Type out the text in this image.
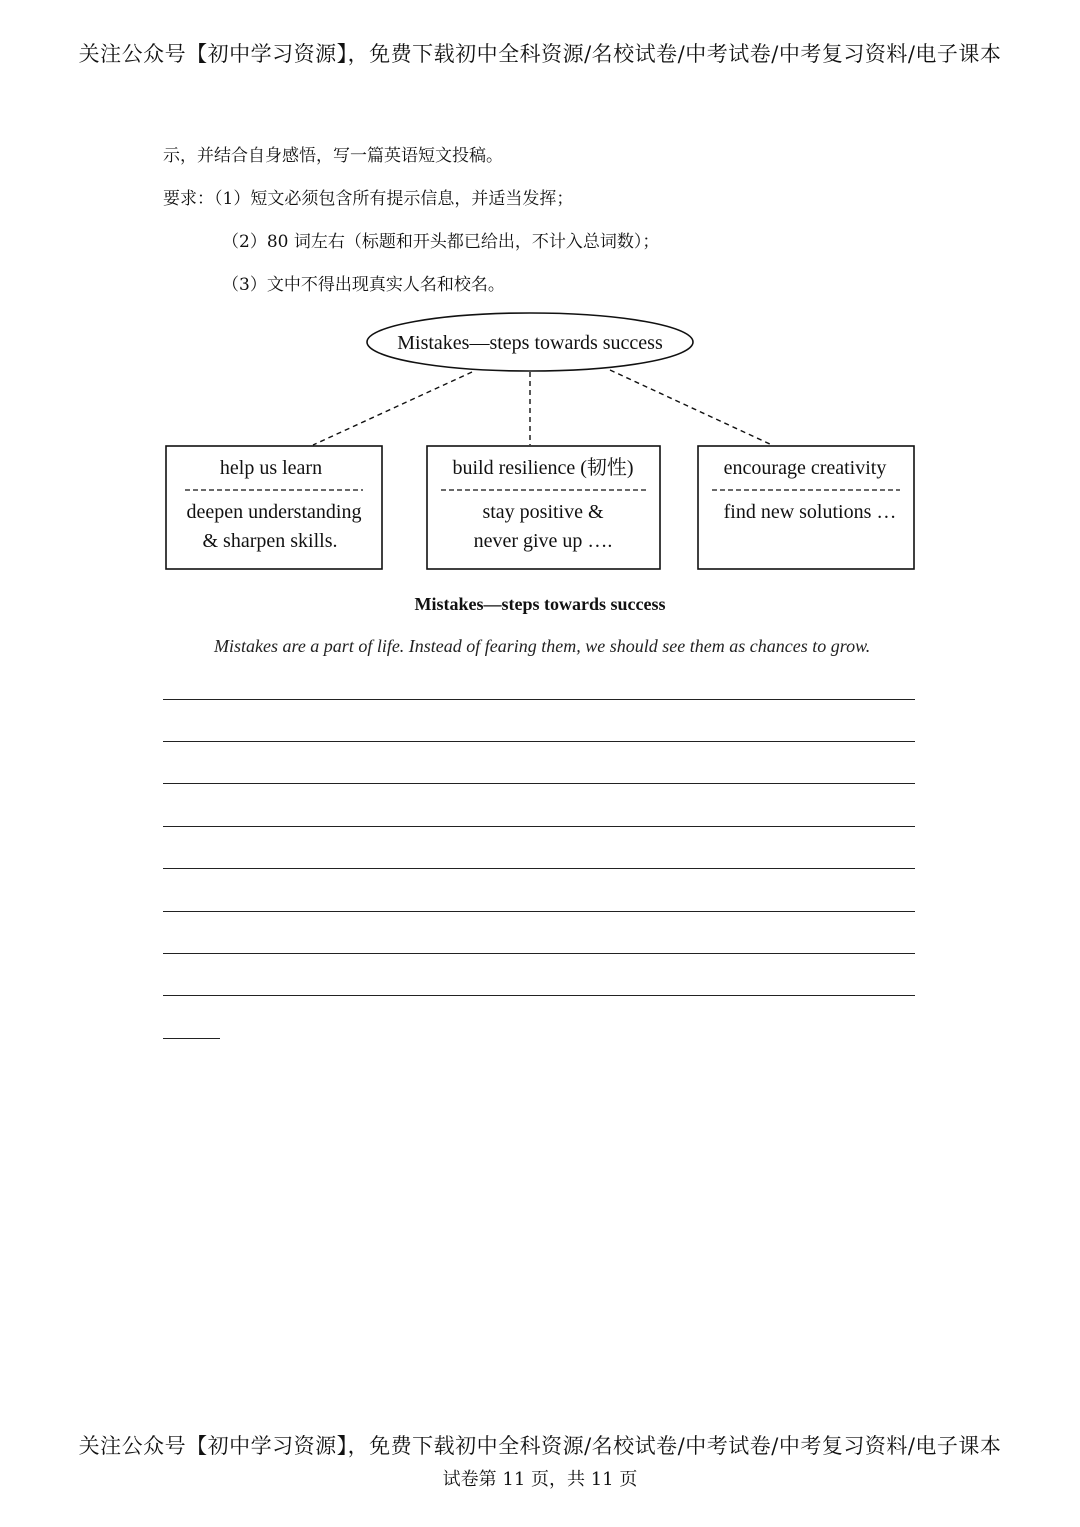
关注公众号【初中学习资源】，免费下载初中全科资源/名校试卷/中考试卷/中考复习资料/电子课本
示，并结合自身感悟，写一篇英语短文投稿。
要求：（1）短文必须包含所有提示信息，并适当发挥；
（2）80 词左右（标题和开头都已给出，不计入总词数）；
（3）文中不得出现真实人名和校名。
Mistakes—steps towards success
help us learn
deepen understanding
& sharpen skills.
build resilience (韧性)
stay positive &
never give up ….
encourage creativity
find new solutions …
Mistakes—steps towards success
Mistakes are a part of life. Instead of fearing them, we should see them as chances to grow.
关注公众号【初中学习资源】，免费下载初中全科资源/名校试卷/中考试卷/中考复习资料/电子课本
试卷第 11 页，共 11 页
